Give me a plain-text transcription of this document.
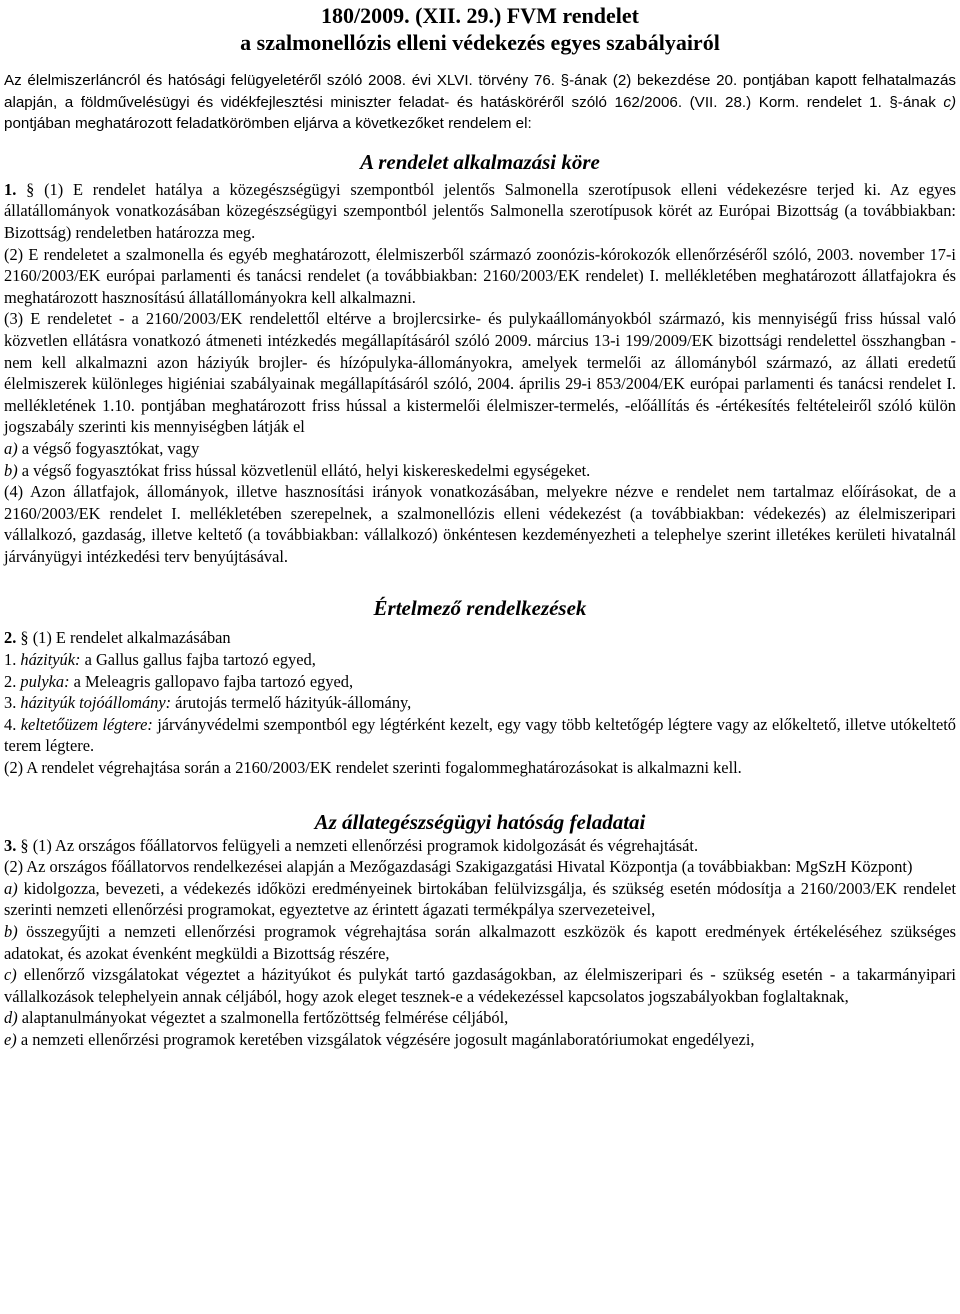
180/2009. (XII. 29.) FVM rendelet
a szalmonellózis elleni védekezés egyes szabályairól

Az élelmiszerláncról és hatósági felügyeletéről szóló 2008. évi XLVI. törvény 76. §-ának (2) bekezdése 20. pontjában kapott felhatalmazás alapján, a földművelésügyi és vidékfejlesztési miniszter feladat- és hatásköréről szóló 162/2006. (VII. 28.) Korm. rendelet 1. §-ának c) pontjában meghatározott feladatkörömben eljárva a következőket rendelem el:

A rendelet alkalmazási köre

1. § (1) E rendelet hatálya a közegészségügyi szempontból jelentős Salmonella szerotípusok elleni védekezésre terjed ki. Az egyes állatállományok vonatkozásában közegészségügyi szempontból jelentős Salmonella szerotípusok körét az Európai Bizottság (a továbbiakban: Bizottság) rendeletben határozza meg.

(2) E rendeletet a szalmonella és egyéb meghatározott, élelmiszerből származó zoonózis-kórokozók ellenőrzéséről szóló, 2003. november 17-i 2160/2003/EK európai parlamenti és tanácsi rendelet (a továbbiakban: 2160/2003/EK rendelet) I. mellékletében meghatározott állatfajokra és meghatározott hasznosítású állatállományokra kell alkalmazni.

(3) E rendeletet - a 2160/2003/EK rendelettől eltérve a brojlercsirke- és pulykaállományokból származó, kis mennyiségű friss hússal való közvetlen ellátásra vonatkozó átmeneti intézkedés megállapításáról szóló 2009. március 13-i 199/2009/EK bizottsági rendelettel összhangban - nem kell alkalmazni azon háziyúk brojler- és hízópulyka-állományokra, amelyek termelői az állományból származó, az állati eredetű élelmiszerek különleges higiéniai szabályainak megállapításáról szóló, 2004. április 29-i 853/2004/EK európai parlamenti és tanácsi rendelet I. mellékletének 1.10. pontjában meghatározott friss hússal a kistermelői élelmiszer-termelés, -előállítás és -értékesítés feltételeiről szóló külön jogszabály szerinti kis mennyiségben látják el

a) a végső fogyasztókat, vagy

b) a végső fogyasztókat friss hússal közvetlenül ellátó, helyi kiskereskedelmi egységeket.

(4) Azon állatfajok, állományok, illetve hasznosítási irányok vonatkozásában, melyekre nézve e rendelet nem tartalmaz előírásokat, de a 2160/2003/EK rendelet I. mellékletében szerepelnek, a szalmonellózis elleni védekezést (a továbbiakban: védekezés) az élelmiszeripari vállalkozó, gazdaság, illetve keltető (a továbbiakban: vállalkozó) önkéntesen kezdeményezheti a telephelye szerint illetékes kerületi hivatalnál járványügyi intézkedési terv benyújtásával.

Értelmező rendelkezések

2. § (1) E rendelet alkalmazásában

1. házityúk: a Gallus gallus fajba tartozó egyed,

2. pulyka: a Meleagris gallopavo fajba tartozó egyed,

3. házityúk tojóállomány: árutojás termelő házityúk-állomány,

4. keltetőüzem légtere: járványvédelmi szempontból egy légtérként kezelt, egy vagy több keltetőgép légtere vagy az előkeltető, illetve utókeltető terem légtere.

(2) A rendelet végrehajtása során a 2160/2003/EK rendelet szerinti fogalommeghatározásokat is alkalmazni kell.

Az állategészségügyi hatóság feladatai

3. § (1) Az országos főállatorvos felügyeli a nemzeti ellenőrzési programok kidolgozását és végrehajtását.

(2) Az országos főállatorvos rendelkezései alapján a Mezőgazdasági Szakigazgatási Hivatal Központja (a továbbiakban: MgSzH Központ)

a) kidolgozza, bevezeti, a védekezés időközi eredményeinek birtokában felülvizsgálja, és szükség esetén módosítja a 2160/2003/EK rendelet szerinti nemzeti ellenőrzési programokat, egyeztetve az érintett ágazati termékpálya szervezeteivel,

b) összegyűjti a nemzeti ellenőrzési programok végrehajtása során alkalmazott eszközök és kapott eredmények értékeléséhez szükséges adatokat, és azokat évenként megküldi a Bizottság részére,

c) ellenőrző vizsgálatokat végeztet a házityúkot és pulykát tartó gazdaságokban, az élelmiszeripari és - szükség esetén - a takarmányipari vállalkozások telephelyein annak céljából, hogy azok eleget tesznek-e a védekezéssel kapcsolatos jogszabályokban foglaltaknak,

d) alaptanulmányokat végeztet a szalmonella fertőzöttség felmérése céljából,

e) a nemzeti ellenőrzési programok keretében vizsgálatok végzésére jogosult magánlaboratóriumokat engedélyezi,
